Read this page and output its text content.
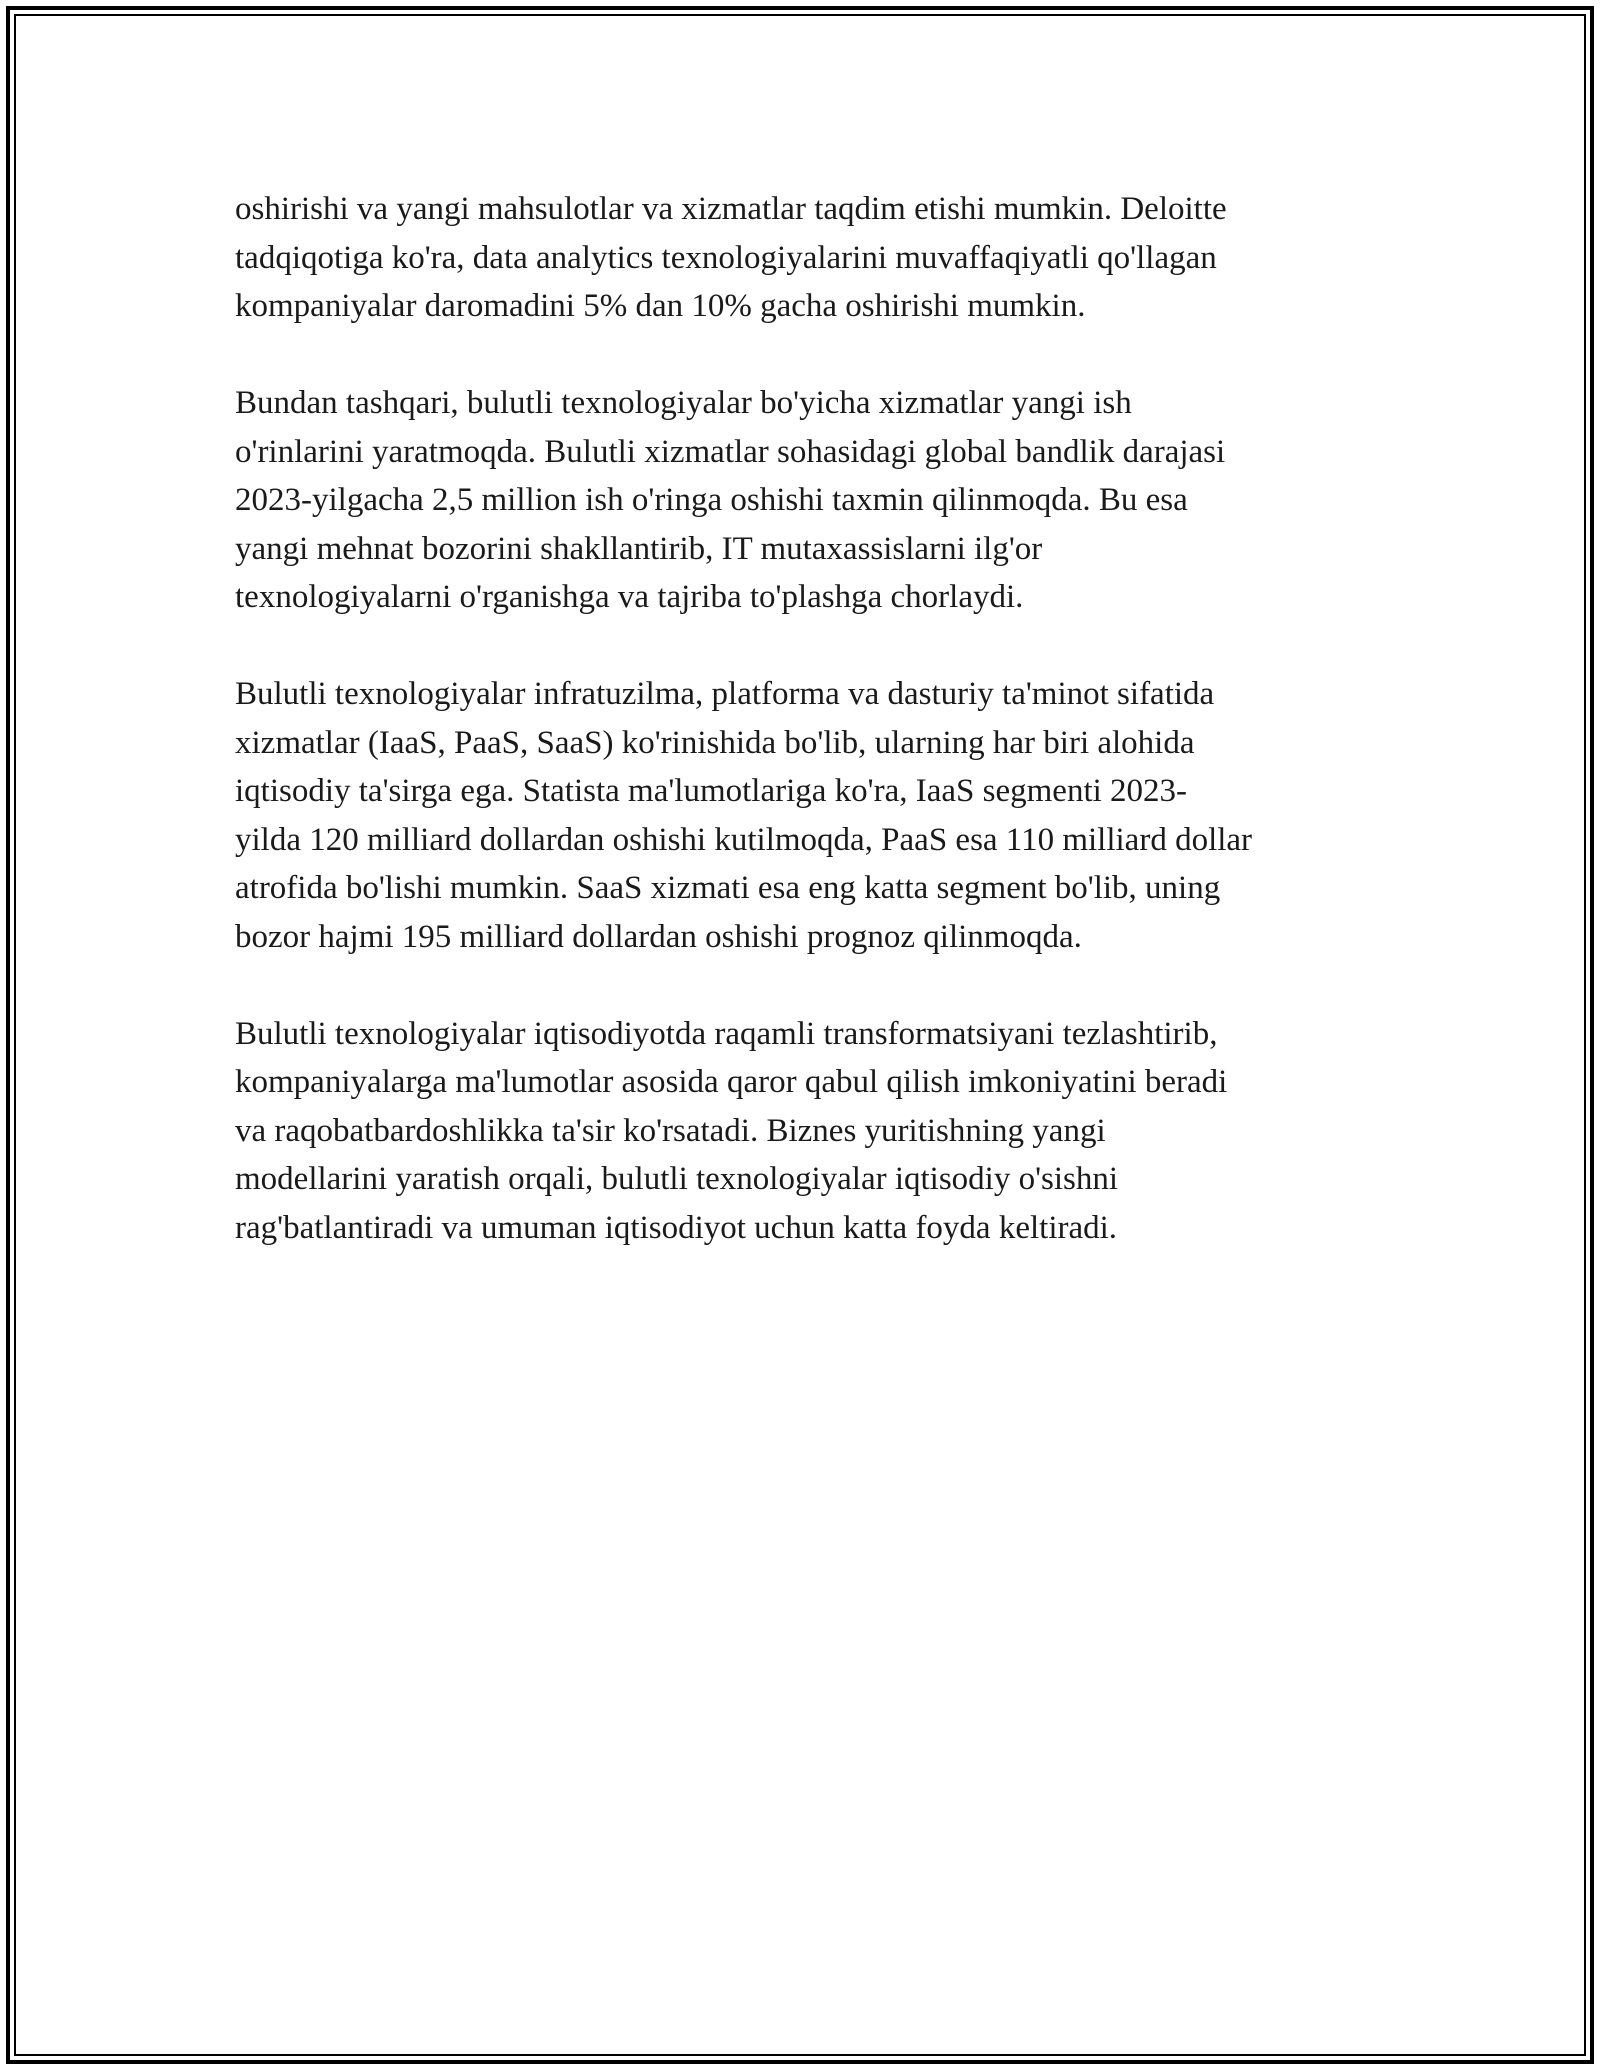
oshirishi va yangi mahsulotlar va xizmatlar taqdim etishi mumkin. Deloitte
tadqiqotiga ko'ra, data analytics texnologiyalarini muvaffaqiyatli qo'llagan
kompaniyalar daromadini 5% dan 10% gacha oshirishi mumkin.

Bundan tashqari, bulutli texnologiyalar bo'yicha xizmatlar yangi ish
o'rinlarini yaratmoqda. Bulutli xizmatlar sohasidagi global bandlik darajasi
2023-yilgacha 2,5 million ish o'ringa oshishi taxmin qilinmoqda. Bu esa
yangi mehnat bozorini shakllantirib, IT mutaxassislarni ilg'or
texnologiyalarni o'rganishga va tajriba to'plashga chorlaydi.

Bulutli texnologiyalar infratuzilma, platforma va dasturiy ta'minot sifatida
xizmatlar (IaaS, PaaS, SaaS) ko'rinishida bo'lib, ularning har biri alohida
iqtisodiy ta'sirga ega. Statista ma'lumotlariga ko'ra, IaaS segmenti 2023-
yilda 120 milliard dollardan oshishi kutilmoqda, PaaS esa 110 milliard dollar
atrofida bo'lishi mumkin. SaaS xizmati esa eng katta segment bo'lib, uning
bozor hajmi 195 milliard dollardan oshishi prognoz qilinmoqda.

Bulutli texnologiyalar iqtisodiyotda raqamli transformatsiyani tezlashtirib,
kompaniyalarga ma'lumotlar asosida qaror qabul qilish imkoniyatini beradi
va raqobatbardoshlikka ta'sir ko'rsatadi. Biznes yuritishning yangi
modellarini yaratish orqali, bulutli texnologiyalar iqtisodiy o'sishni
rag'batlantiradi va umuman iqtisodiyot uchun katta foyda keltiradi.
